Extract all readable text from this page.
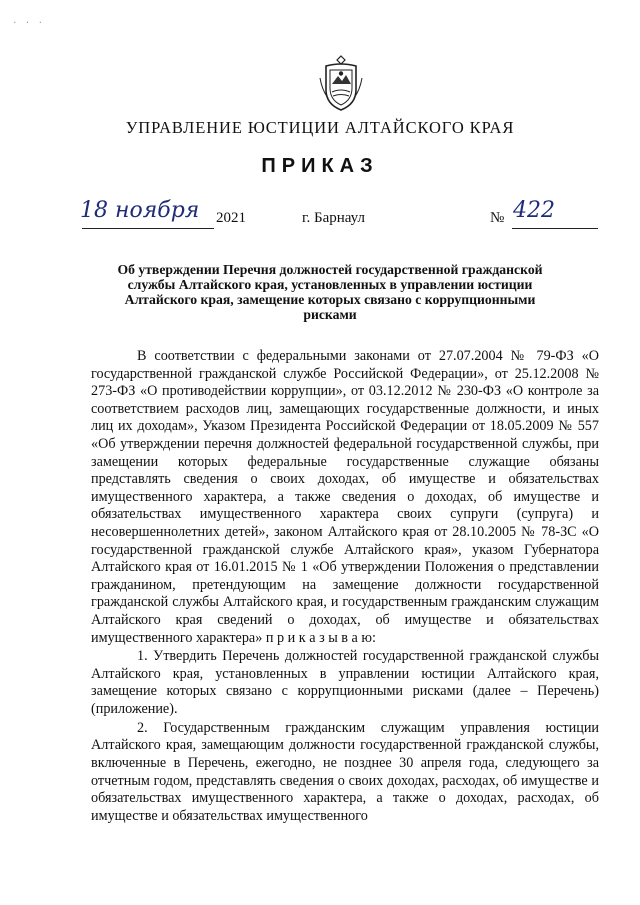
· · ·
УПРАВЛЕНИЕ ЮСТИЦИИ АЛТАЙСКОГО КРАЯ
ПРИКАЗ
18 ноября 2021	г. Барнаул	№ 422
Об утверждении Перечня должностей государственной гражданской службы Алтайского края, установленных в управлении юстиции Алтайского края, замещение которых связано с коррупционными рисками

В соответствии с федеральными законами от 27.07.2004 № 79-ФЗ «О государственной гражданской службе Российской Федерации», от 25.12.2008 № 273-ФЗ «О противодействии коррупции», от 03.12.2012 № 230-ФЗ «О контроле за соответствием расходов лиц, замещающих государственные должности, и иных лиц их доходам», Указом Президента Российской Федерации от 18.05.2009 № 557 «Об утверждении перечня должностей федеральной государственной службы, при замещении которых федеральные государственные служащие обязаны представлять сведения о своих доходах, об имуществе и обязательствах имущественного характера, а также сведения о доходах, об имуществе и обязательствах имущественного характера своих супруги (супруга) и несовершеннолетних детей», законом Алтайского края от 28.10.2005 № 78-ЗС «О государственной гражданской службе Алтайского края», указом Губернатора Алтайского края от 16.01.2015 № 1 «Об утверждении Положения о представлении гражданином, претендующим на замещение должности государственной гражданской службы Алтайского края, и государственным гражданским служащим Алтайского края сведений о доходах, об имуществе и обязательствах имущественного характера» п р и к а з ы в а ю:

1. Утвердить Перечень должностей государственной гражданской службы Алтайского края, установленных в управлении юстиции Алтайского края, замещение которых связано с коррупционными рисками (далее – Перечень) (приложение).

2. Государственным гражданским служащим управления юстиции Алтайского края, замещающим должности государственной гражданской службы, включенные в Перечень, ежегодно, не позднее 30 апреля года, следующего за отчетным годом, представлять сведения о своих доходах, расходах, об имуществе и обязательствах имущественного характера, а также о доходах, расходах, об имуществе и обязательствах имущественного
